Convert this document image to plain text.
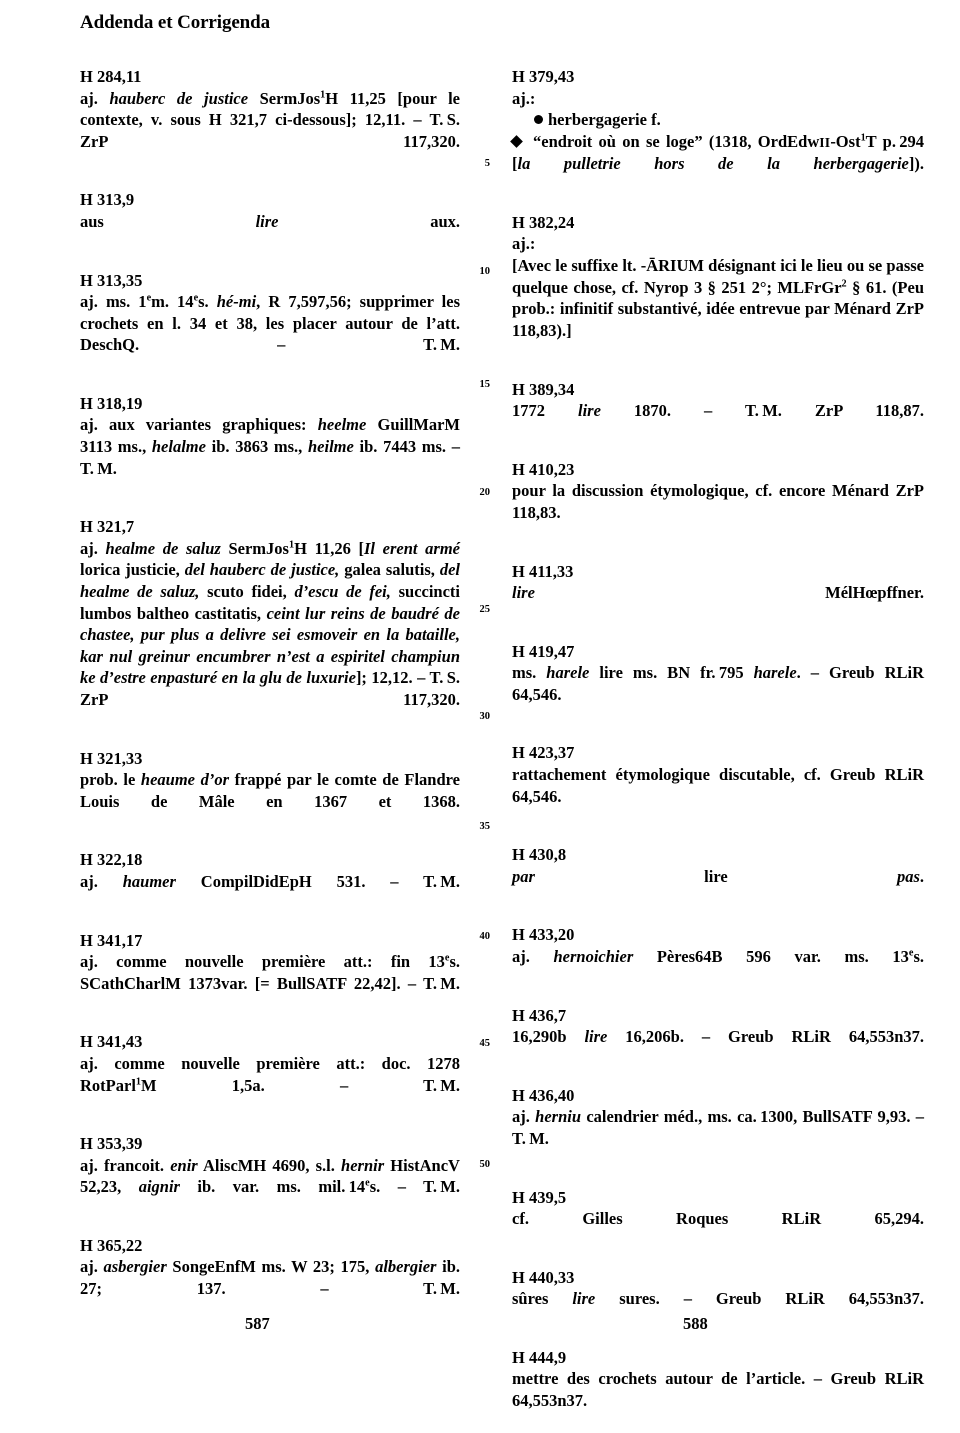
Addenda et Corrigenda
H 284,11
aj. hauberc de justice SermJos$^1$H 11,25 [pour le contexte, v. sous H 321,7 ci-dessous]; 12,11. – T. S. ZrP 117,320.
H 313,9
aus lire aux.
H 313,35
aj. ms. 1em. 14es. hé-mi, R 7,597,56; supprimer les crochets en l. 34 et 38, les placer autour de l’att. DeschQ. – T. M.
H 318,19
aj. aux variantes graphiques: heelme GuillMarM 3113 ms., helalme ib. 3863 ms., heilme ib. 7443 ms. – T. M.
H 321,7
aj. healme de saluz SermJos$^1$H 11,26 [Il erent armé lorica justicie, del hauberc de justice, galea salutis, del healme de saluz, scuto fidei, d’escu de fei, succincti lumbos baltheo castitatis, ceint lur reins de baudré de chastee, pur plus a delivre sei esmoveir en la bataille, kar nul greinur encumbrer n’est a espiritel champiun ke d’estre enpasturé en la glu de luxurie]; 12,12. – T. S. ZrP 117,320.
H 321,33
prob. le heaume d’or frappé par le comte de Flandre Louis de Mâle en 1367 et 1368.
H 322,18
aj. haumer CompilDidEpH 531. – T. M.
H 341,17
aj. comme nouvelle première att.: fin 13es. SCathCharlM 1373var. [= BullSATF 22,42]. – T. M.
H 341,43
aj. comme nouvelle première att.: doc. 1278 RotParl$^1$M 1,5a. – T. M.
H 353,39
aj. francoit. enir AliscMH 4690, s.l. hernir HistAncV 52,23, aignir ib. var. ms. mil. 14es. – T. M.
H 365,22
aj. asbergier SongeEnfM ms. W 23; 175, albergier ib. 27; 137. – T. M.
H 379,43
aj.:
herbergagerie f.
“endroit où on se loge” (1318, OrdEdwII-Ost$^1$T p. 294 [la pulletrie hors de la herbergagerie]).
H 382,24
aj.:
[Avec le suffixe lt. -ĀRIUM désignant ici le lieu ou se passe quelque chose, cf. Nyrop 3 § 251 2°; MLFrGr$^2$ § 61. (Peu prob.: infinitif substantivé, idée entrevue par Ménard ZrP 118,83).]
H 389,34
1772 lire 1870. – T. M. ZrP 118,87.
H 410,23
pour la discussion étymologique, cf. encore Ménard ZrP 118,83.
H 411,33
lire MélHœpffner.
H 419,47
ms. harele lire ms. BN fr. 795 harele. – Greub RLiR 64,546.
H 423,37
rattachement étymologique discutable, cf. Greub RLiR 64,546.
H 430,8
par lire pas.
H 433,20
aj. hernoichier Pères64B 596 var. ms. 13es.
H 436,7
16,290b lire 16,206b. – Greub RLiR 64,553n37.
H 436,40
aj. herniu calendrier méd., ms. ca. 1300, BullSATF 9,93. – T. M.
H 439,5
cf. Gilles Roques RLiR 65,294.
H 440,33
sûres lire sures. – Greub RLiR 64,553n37.
H 444,9
mettre des crochets autour de l’article. – Greub RLiR 64,553n37.
5
10
15
20
25
30
35
40
45
50
587	588
